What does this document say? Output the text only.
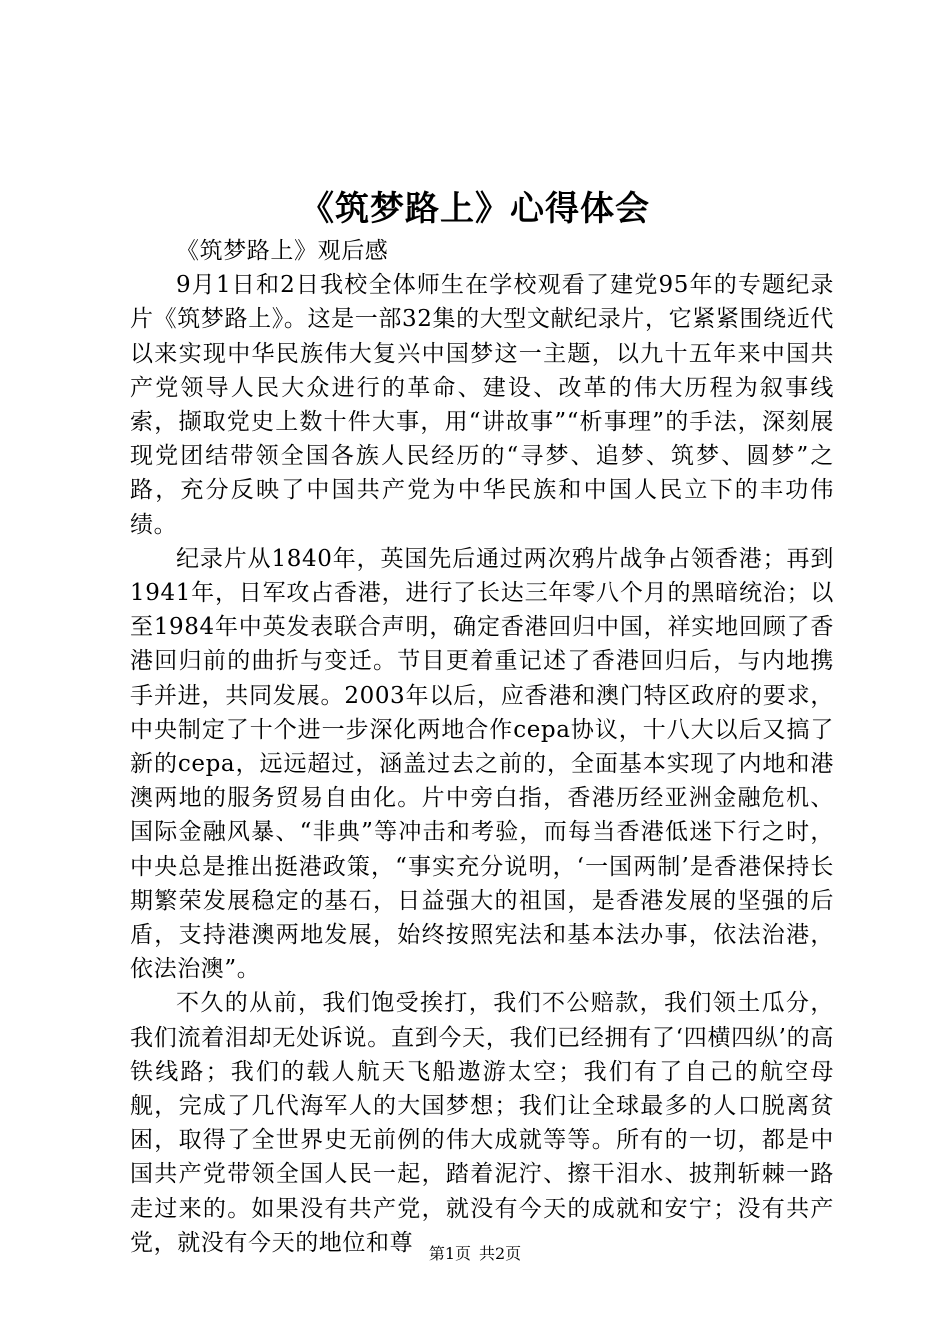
《筑梦路上》心得体会

《筑梦路上》观后感

9月1日和2日我校全体师生在学校观看了建党95年的专题纪录片《筑梦路上》。这是一部32集的大型文献纪录片，它紧紧围绕近代以来实现中华民族伟大复兴中国梦这一主题，以九十五年来中国共产党领导人民大众进行的革命、建设、改革的伟大历程为叙事线索，撷取党史上数十件大事，用“讲故事”“析事理”的手法，深刻展现党团结带领全国各族人民经历的“寻梦、追梦、筑梦、圆梦”之路，充分反映了中国共产党为中华民族和中国人民立下的丰功伟绩。

纪录片从1840年，英国先后通过两次鸦片战争占领香港；再到1941年，日军攻占香港，进行了长达三年零八个月的黑暗统治；以至1984年中英发表联合声明，确定香港回归中国，祥实地回顾了香港回归前的曲折与变迁。节目更着重记述了香港回归后，与内地携手并进，共同发展。2003年以后，应香港和澳门特区政府的要求，中央制定了十个进一步深化两地合作cepa协议，十八大以后又搞了新的cepa，远远超过，涵盖过去之前的，全面基本实现了内地和港澳两地的服务贸易自由化。片中旁白指，香港历经亚洲金融危机、国际金融风暴、“非典”等冲击和考验，而每当香港低迷下行之时，中央总是推出挺港政策，“事实充分说明，‘一国两制’是香港保持长期繁荣发展稳定的基石，日益强大的祖国，是香港发展的坚强的后盾，支持港澳两地发展，始终按照宪法和基本法办事，依法治港，依法治澳”。

不久的从前，我们饱受挨打，我们不公赔款，我们领土瓜分，我们流着泪却无处诉说。直到今天，我们已经拥有了‘四横四纵’的高铁线路；我们的载人航天飞船遨游太空；我们有了自己的航空母舰，完成了几代海军人的大国梦想；我们让全球最多的人口脱离贫困，取得了全世界史无前例的伟大成就等等。所有的一切，都是中国共产党带领全国人民一起，踏着泥泞、擦干泪水、披荆斩棘一路走过来的。如果没有共产党，就没有今天的成就和安宁；没有共产党，就没有今天的地位和尊 第1页 共2页
